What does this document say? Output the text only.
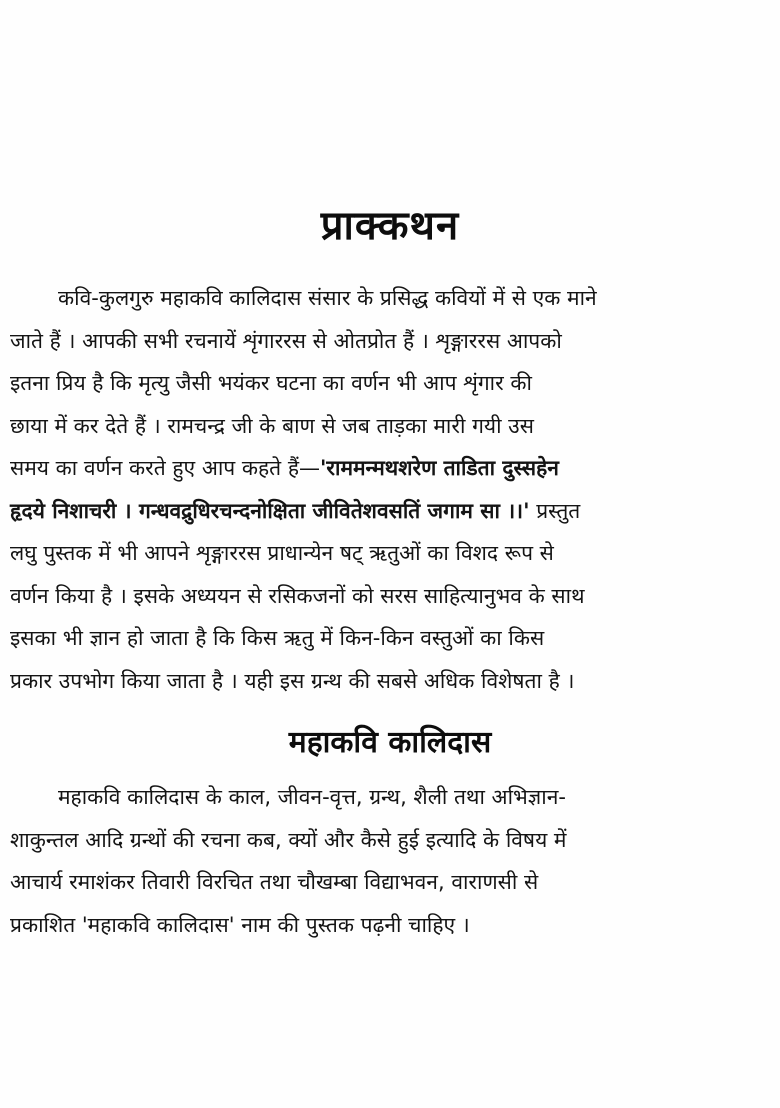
प्राक्कथन
कवि-कुलगुरु महाकवि कालिदास संसार के प्रसिद्ध कवियों में से एक माने
जाते हैं । आपकी सभी रचनायें शृंगाररस से ओतप्रोत हैं । शृङ्गाररस आपको
इतना प्रिय है कि मृत्यु जैसी भयंकर घटना का वर्णन भी आप शृंगार की
छाया में कर देते हैं । रामचन्द्र जी के बाण से जब ताड़का मारी गयी उस
समय का वर्णन करते हुए आप कहते हैं—'राममन्मथशरेण ताडिता दुस्सहेन
हृदये निशाचरी । गन्धवद्रुधिरचन्दनोक्षिता जीवितेशवसतिं जगाम सा ।।' प्रस्तुत
लघु पुस्तक में भी आपने शृङ्गाररस प्राधान्येन षट् ऋतुओं का विशद रूप से
वर्णन किया है । इसके अध्ययन से रसिकजनों को सरस साहित्यानुभव के साथ
इसका भी ज्ञान हो जाता है कि किस ऋतु में किन-किन वस्तुओं का किस
प्रकार उपभोग किया जाता है । यही इस ग्रन्थ की सबसे अधिक विशेषता है ।
महाकवि कालिदास
महाकवि कालिदास के काल, जीवन-वृत्त, ग्रन्थ, शैली तथा अभिज्ञान-
शाकुन्तल आदि ग्रन्थों की रचना कब, क्यों और कैसे हुई इत्यादि के विषय में
आचार्य रमाशंकर तिवारी विरचित तथा चौखम्बा विद्याभवन, वाराणसी से
प्रकाशित 'महाकवि कालिदास' नाम की पुस्तक पढ़नी चाहिए ।
